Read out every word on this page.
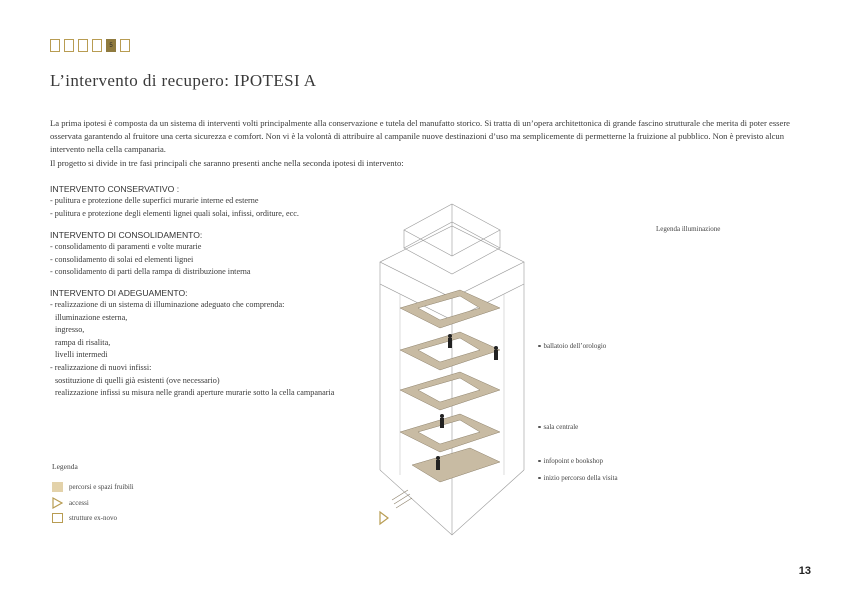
5
L’intervento di recupero: IPOTESI A

La prima ipotesi è composta da un sistema di interventi volti principalmente alla conservazione e tutela del manufatto storico. Si tratta di un’opera architettonica di grande fascino strutturale che merita di poter essere osservata garantendo al fruitore una certa sicurezza e comfort. Non vi è la volontà di attribuire al campanile nuove destinazioni d’uso ma semplicemente di permetterne la fruizione al pubblico. Non è previsto alcun intervento nella cella campanaria.

Il progetto si divide in tre fasi principali che saranno presenti anche nella seconda ipotesi di intervento:

INTERVENTO CONSERVATIVO :

- pulitura e protezione delle superfici murarie interne ed esterne
- pulitura e protezione degli elementi lignei quali solai, infissi, orditure, ecc.

INTERVENTO DI CONSOLIDAMENTO:

- consolidamento di paramenti e volte murarie
- consolidamento di solai ed elementi lignei
- consolidamento di parti della rampa di distribuzione interna

INTERVENTO DI ADEGUAMENTO:

- realizzazione di un sistema di illuminazione adeguato che comprenda:
illuminazione esterna,
ingresso,
rampa di risalita,
livelli intermedi
- realizzazione di nuovi infissi:
sostituzione di quelli già esistenti (ove necessario)
realizzazione infissi su misura nelle grandi aperture murarie sotto la cella campanaria
Legenda illuminazione
ballatoio dell’orologio
sala centrale
infopoint e bookshop
inizio percorso della visita
Legenda
percorsi e spazi fruibili
accessi
strutture ex-novo
13
